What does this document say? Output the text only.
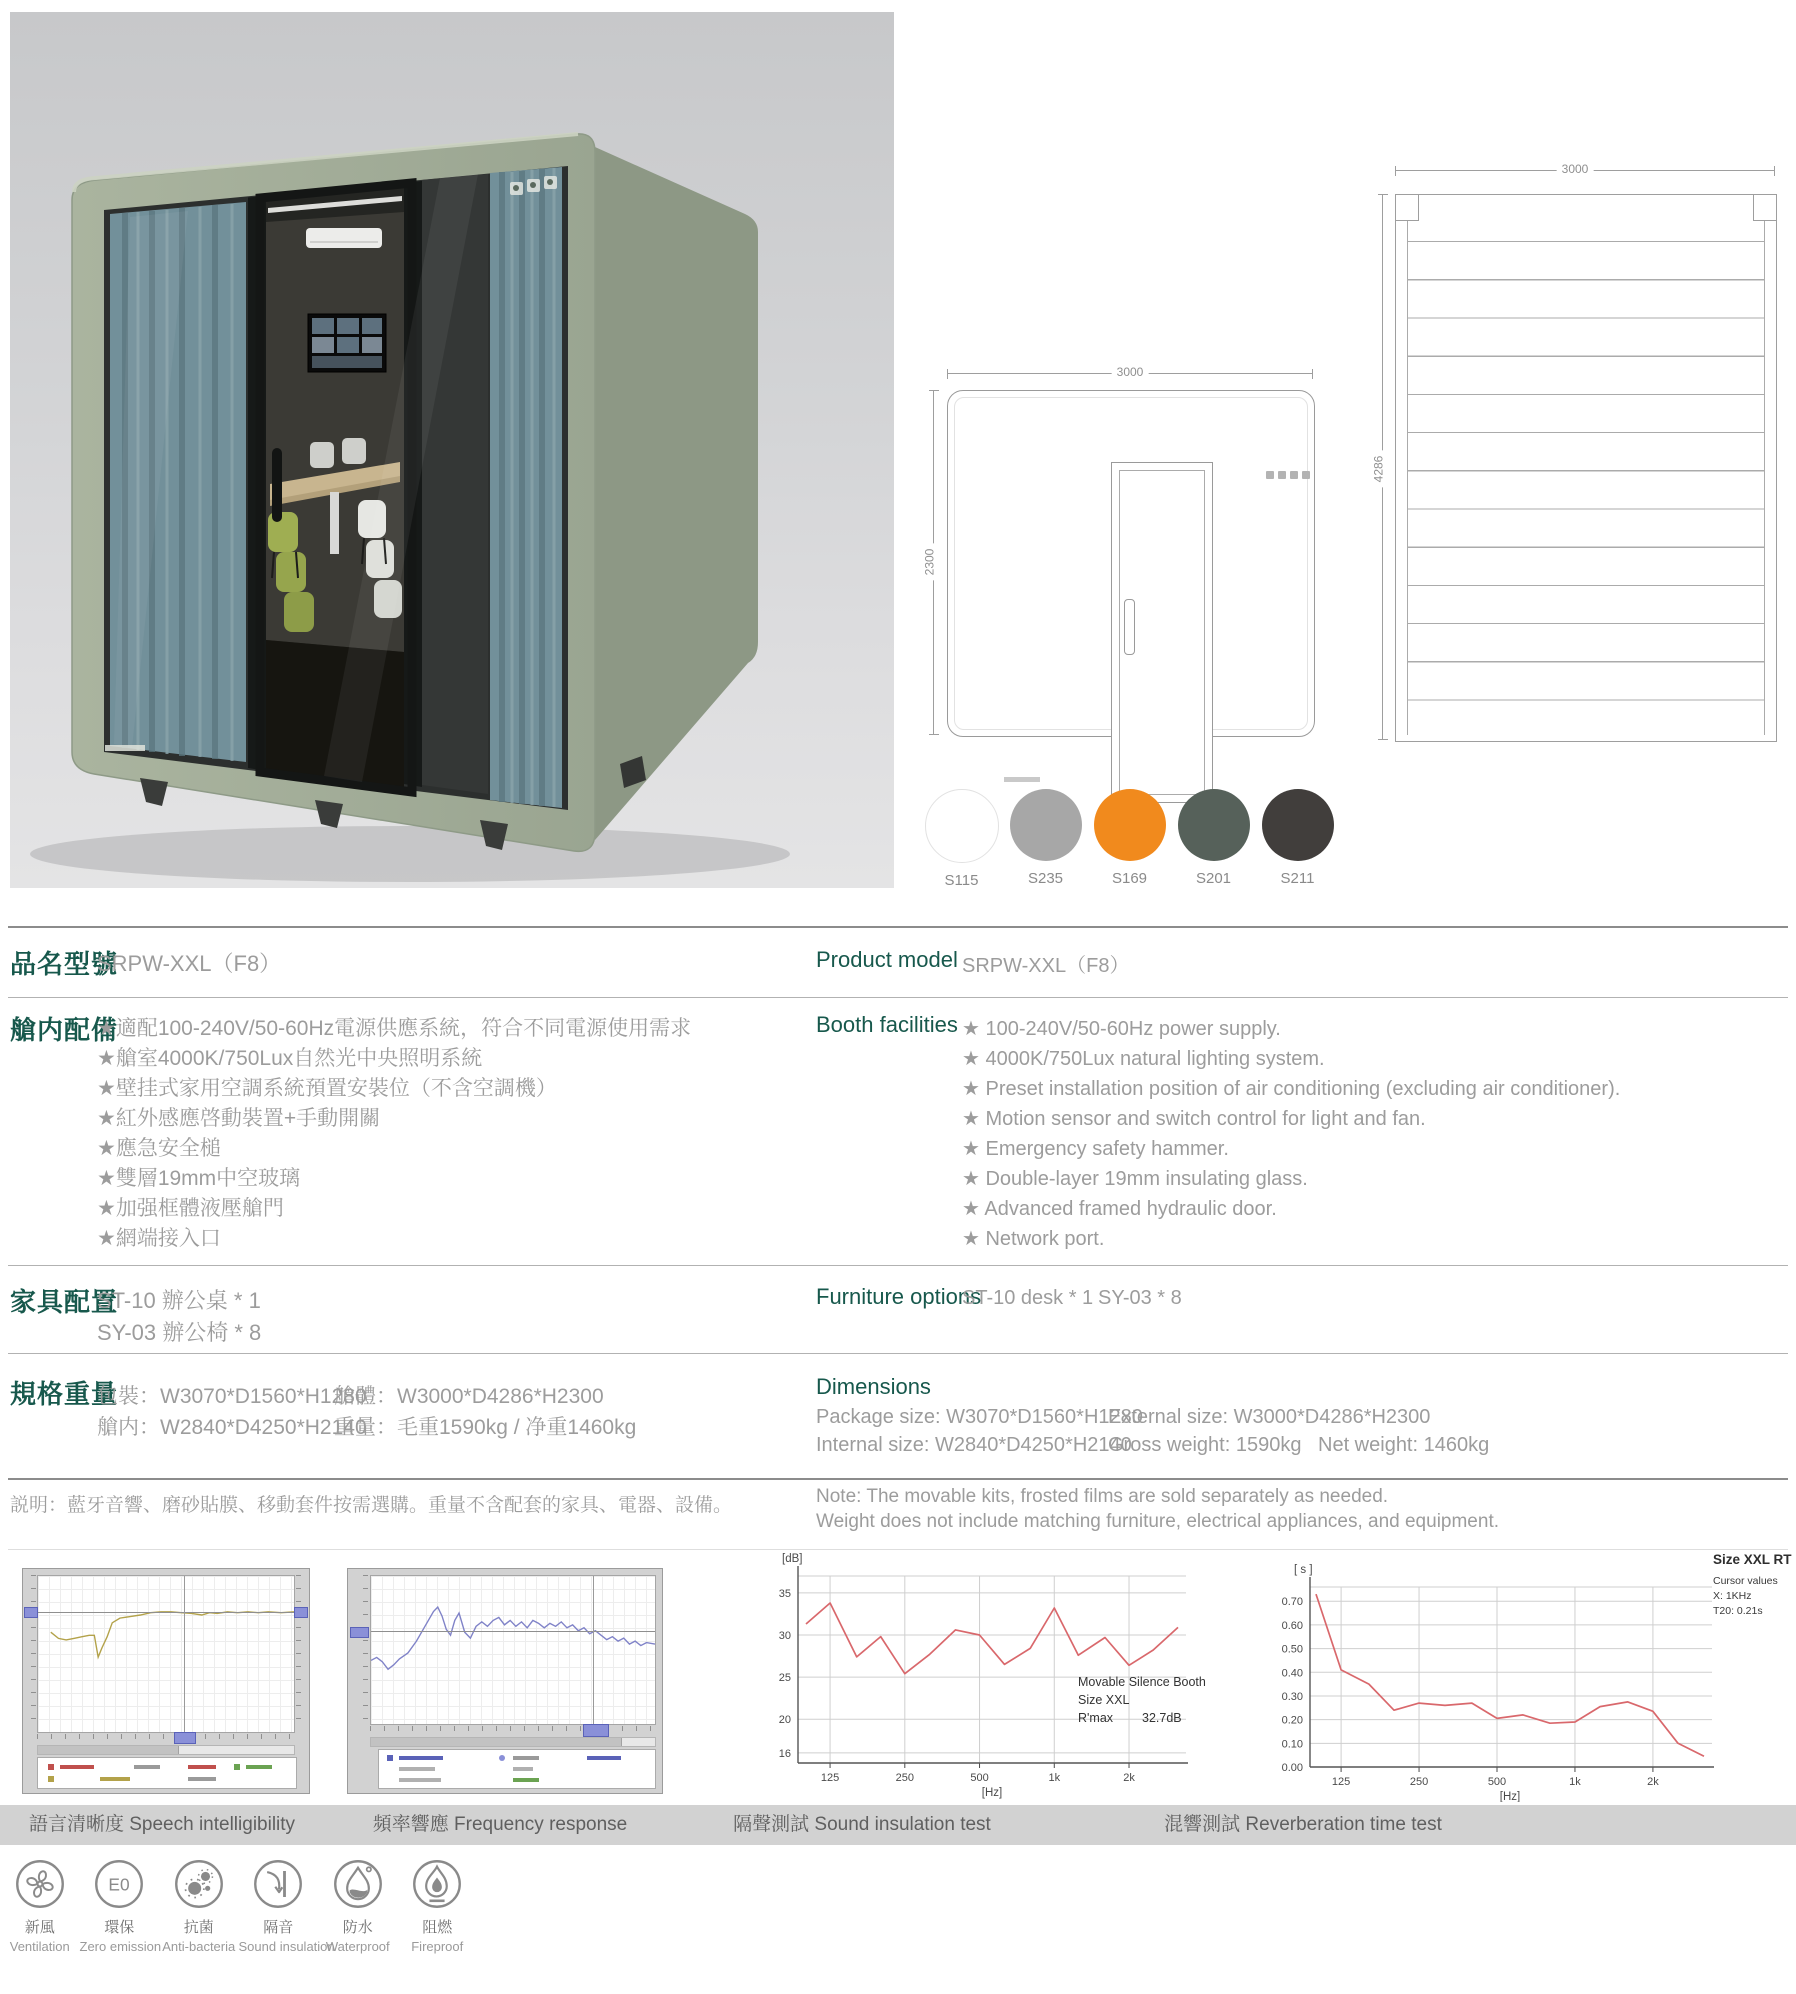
3000
2300
3000
4286
S115	S235	S169	S201	S211
品名型號
SRPW-XXL（F8）	Product model SRPW-XXL（F8）
艙内配備
★適配100-240V/50-60Hz電源供應系統，符合不同電源使用需求
★艙室4000K/750Lux自然光中央照明系統
★壁挂式家用空調系統預置安裝位（不含空調機）
★紅外感應啓動裝置+手動開關
★應急安全槌
★雙層19mm中空玻璃
★加强框體液壓艙門
★網端接入口
Booth facilities ★ 100-240V/50-60Hz power supply.
★ 4000K/750Lux natural lighting system.
★ Preset installation position of air conditioning (excluding air conditioner).
★ Motion sensor and switch control for light and fan.
★ Emergency safety hammer.
★ Double-layer 19mm insulating glass.
★ Advanced framed hydraulic door.
★ Network port.
家具配置
ST-10 辦公桌 * 1
SY-03 辦公椅 * 8
Furniture options
ST-10 desk * 1 SY-03 * 8
規格重量
包裝：W3070*D1560*H1280
艙體：W3000*D4286*H2300
艙内：W2840*D4250*H2140
重量：毛重1590kg / 净重1460kg
Dimensions
Package size: W3070*D1560*H1280
External size: W3000*D4286*H2300
Internal size: W2840*D4250*H2140
Gross weight: 1590kg Net weight: 1460kg
説明：藍牙音響、磨砂貼膜、移動套件按需選購。重量不含配套的家具、電器、設備。	Note: The movable kits, frosted films are sold separately as needed.
Weight does not include matching furniture, electrical appliances, and equipment.
35
30
25
20
16
125	250	500	1k	2k
[dB]
[Hz]
Movable Silence Booth
Size XXL
R'max 32.7dB
0.70
0.60
0.50
0.40
0.30
0.20
0.10
0.00
125	250	500	1k	2k
[ s ]
[Hz]
Size XXL RT
Cursor values
X: 1KHz
T20: 0.21s
語言清晰度 Speech intelligibility	頻率響應 Frequency response	隔聲測試 Sound insulation test	混響測試 Reverberation time test
新風
Ventilation
E0
環保
Zero emission
抗菌
Anti-bacteria
隔音
Sound insulation
防水
Waterproof
阻燃
Fireproof
